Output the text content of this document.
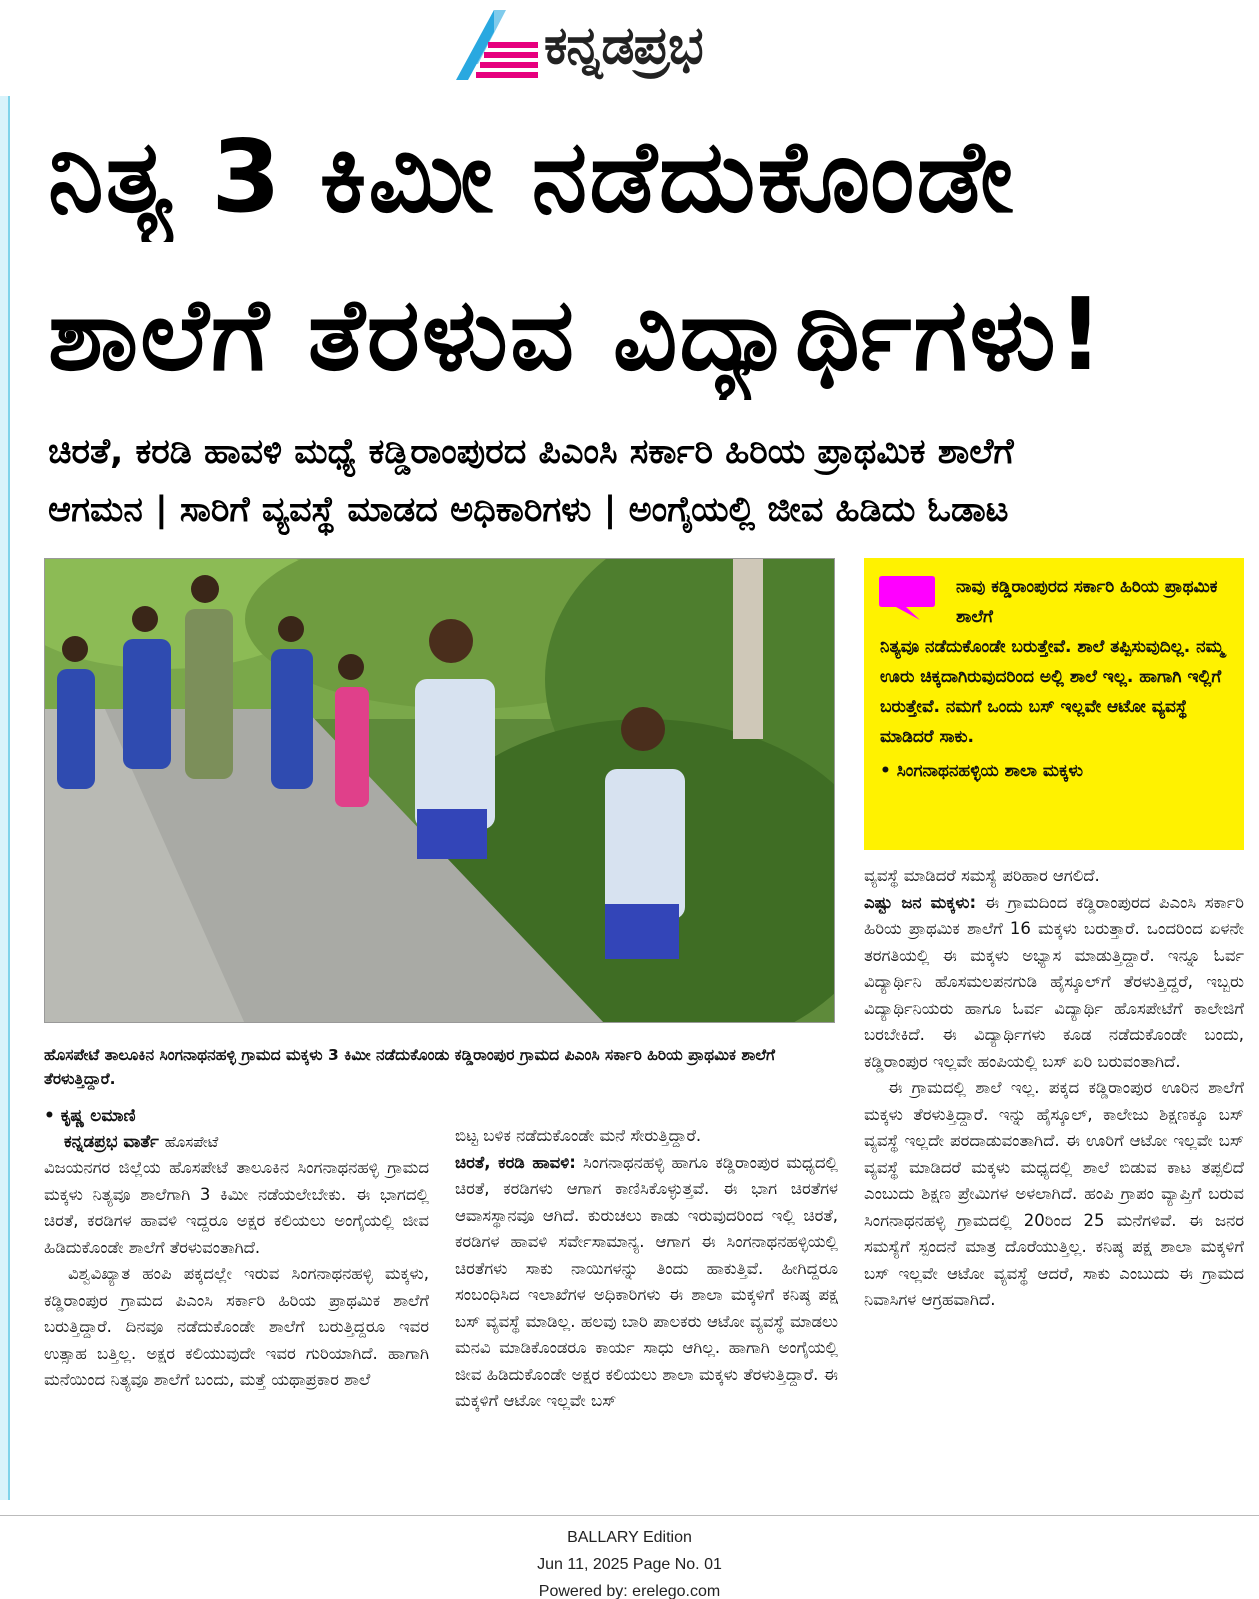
ಕನ್ನಡಪ್ರಭ
ನಿತ್ಯ 3 ಕಿಮೀ ನಡೆದುಕೊಂಡೇ
ಶಾಲೆಗೆ ತೆರಳುವ ವಿದ್ಯಾರ್ಥಿಗಳು!
ಚಿರತೆ, ಕರಡಿ ಹಾವಳಿ ಮಧ್ಯೆ ಕಡ್ಡಿರಾಂಪುರದ ಪಿಎಂಸಿ ಸರ್ಕಾರಿ ಹಿರಿಯ ಪ್ರಾಥಮಿಕ ಶಾಲೆಗೆ
ಆಗಮನ | ಸಾರಿಗೆ ವ್ಯವಸ್ಥೆ ಮಾಡದ ಅಧಿಕಾರಿಗಳು | ಅಂಗೈಯಲ್ಲಿ ಜೀವ ಹಿಡಿದು ಓಡಾಟ
ಹೊಸಪೇಟೆ ತಾಲೂಕಿನ ಸಿಂಗನಾಥನಹಳ್ಳಿ ಗ್ರಾಮದ ಮಕ್ಕಳು 3 ಕಿಮೀ ನಡೆದುಕೊಂಡು ಕಡ್ಡಿರಾಂಪುರ ಗ್ರಾಮದ ಪಿಎಂಸಿ ಸರ್ಕಾರಿ ಹಿರಿಯ ಪ್ರಾಥಮಿಕ ಶಾಲೆಗೆ ತೆರಳುತ್ತಿದ್ದಾರೆ.
ನಾವು ಕಡ್ಡಿರಾಂಪುರದ ಸರ್ಕಾರಿ ಹಿರಿಯ ಪ್ರಾಥಮಿಕ ಶಾಲೆಗೆ
ನಿತ್ಯವೂ ನಡೆದುಕೊಂಡೇ ಬರುತ್ತೇವೆ. ಶಾಲೆ ತಪ್ಪಿಸುವುದಿಲ್ಲ. ನಮ್ಮ ಊರು ಚಿಕ್ಕದಾಗಿರುವುದರಿಂದ ಅಲ್ಲಿ ಶಾಲೆ ಇಲ್ಲ. ಹಾಗಾಗಿ ಇಲ್ಲಿಗೆ ಬರುತ್ತೇವೆ. ನಮಗೆ ಒಂದು ಬಸ್ ಇಲ್ಲವೇ ಆಟೋ ವ್ಯವಸ್ಥೆ ಮಾಡಿದರೆ ಸಾಕು.
• ಸಿಂಗನಾಥನಹಳ್ಳಿಯ ಶಾಲಾ ಮಕ್ಕಳು
• ಕೃಷ್ಣ ಲಮಾಣಿ
ಕನ್ನಡಪ್ರಭ ವಾರ್ತೆ ಹೊಸಪೇಟೆ

ವಿಜಯನಗರ ಜಿಲ್ಲೆಯ ಹೊಸಪೇಟೆ ತಾಲೂಕಿನ ಸಿಂಗನಾಥನಹಳ್ಳಿ ಗ್ರಾಮದ ಮಕ್ಕಳು ನಿತ್ಯವೂ ಶಾಲೆಗಾಗಿ 3 ಕಿಮೀ ನಡೆಯಲೇಬೇಕು. ಈ ಭಾಗದಲ್ಲಿ ಚಿರತೆ, ಕರಡಿಗಳ ಹಾವಳಿ ಇದ್ದರೂ ಅಕ್ಷರ ಕಲಿಯಲು ಅಂಗೈಯಲ್ಲಿ ಜೀವ ಹಿಡಿದುಕೊಂಡೇ ಶಾಲೆಗೆ ತೆರಳುವಂತಾಗಿದೆ.

ವಿಶ್ವವಿಖ್ಯಾತ ಹಂಪಿ ಪಕ್ಕದಲ್ಲೇ ಇರುವ ಸಿಂಗನಾಥನಹಳ್ಳಿ ಮಕ್ಕಳು, ಕಡ್ಡಿರಾಂಪುರ ಗ್ರಾಮದ ಪಿಎಂಸಿ ಸರ್ಕಾರಿ ಹಿರಿಯ ಪ್ರಾಥಮಿಕ ಶಾಲೆಗೆ ಬರುತ್ತಿದ್ದಾರೆ. ದಿನವೂ ನಡೆದುಕೊಂಡೇ ಶಾಲೆಗೆ ಬರುತ್ತಿದ್ದರೂ ಇವರ ಉತ್ಸಾಹ ಬತ್ತಿಲ್ಲ. ಅಕ್ಷರ ಕಲಿಯುವುದೇ ಇವರ ಗುರಿಯಾಗಿದೆ. ಹಾಗಾಗಿ ಮನೆಯಿಂದ ನಿತ್ಯವೂ ಶಾಲೆಗೆ ಬಂದು, ಮತ್ತೆ ಯಥಾಪ್ರಕಾರ ಶಾಲೆ

ಬಿಟ್ಟ ಬಳಿಕ ನಡೆದುಕೊಂಡೇ ಮನೆ ಸೇರುತ್ತಿದ್ದಾರೆ.

ಚಿರತೆ, ಕರಡಿ ಹಾವಳಿ: ಸಿಂಗನಾಥನಹಳ್ಳಿ ಹಾಗೂ ಕಡ್ಡಿರಾಂಪುರ ಮಧ್ಯದಲ್ಲಿ ಚಿರತೆ, ಕರಡಿಗಳು ಆಗಾಗ ಕಾಣಿಸಿಕೊಳ್ಳುತ್ತವೆ. ಈ ಭಾಗ ಚಿರತೆಗಳ ಆವಾಸಸ್ಥಾನವೂ ಆಗಿದೆ. ಕುರುಚಲು ಕಾಡು ಇರುವುದರಿಂದ ಇಲ್ಲಿ ಚಿರತೆ, ಕರಡಿಗಳ ಹಾವಳಿ ಸರ್ವೇಸಾಮಾನ್ಯ. ಆಗಾಗ ಈ ಸಿಂಗನಾಥನಹಳ್ಳಿಯಲ್ಲಿ ಚಿರತೆಗಳು ಸಾಕು ನಾಯಿಗಳನ್ನು ತಿಂದು ಹಾಕುತ್ತಿವೆ. ಹೀಗಿದ್ದರೂ ಸಂಬಂಧಿಸಿದ ಇಲಾಖೆಗಳ ಅಧಿಕಾರಿಗಳು ಈ ಶಾಲಾ ಮಕ್ಕಳಿಗೆ ಕನಿಷ್ಠ ಪಕ್ಷ ಬಸ್ ವ್ಯವಸ್ಥೆ ಮಾಡಿಲ್ಲ. ಹಲವು ಬಾರಿ ಪಾಲಕರು ಆಟೋ ವ್ಯವಸ್ಥೆ ಮಾಡಲು ಮನವಿ ಮಾಡಿಕೊಂಡರೂ ಕಾರ್ಯ ಸಾಧು ಆಗಿಲ್ಲ. ಹಾಗಾಗಿ ಅಂಗೈಯಲ್ಲಿ ಜೀವ ಹಿಡಿದುಕೊಂಡೇ ಅಕ್ಷರ ಕಲಿಯಲು ಶಾಲಾ ಮಕ್ಕಳು ತೆರಳುತ್ತಿದ್ದಾರೆ. ಈ ಮಕ್ಕಳಿಗೆ ಆಟೋ ಇಲ್ಲವೇ ಬಸ್

ವ್ಯವಸ್ಥೆ ಮಾಡಿದರೆ ಸಮಸ್ಯೆ ಪರಿಹಾರ ಆಗಲಿದೆ.

ಎಷ್ಟು ಜನ ಮಕ್ಕಳು: ಈ ಗ್ರಾಮದಿಂದ ಕಡ್ಡಿರಾಂಪುರದ ಪಿಎಂಸಿ ಸರ್ಕಾರಿ ಹಿರಿಯ ಪ್ರಾಥಮಿಕ ಶಾಲೆಗೆ 16 ಮಕ್ಕಳು ಬರುತ್ತಾರೆ. ಒಂದರಿಂದ ಏಳನೇ ತರಗತಿಯಲ್ಲಿ ಈ ಮಕ್ಕಳು ಅಭ್ಯಾಸ ಮಾಡುತ್ತಿದ್ದಾರೆ. ಇನ್ನೂ ಓರ್ವ ವಿದ್ಯಾರ್ಥಿನಿ ಹೊಸಮಲಪನಗುಡಿ ಹೈಸ್ಕೂಲ್‌ಗೆ ತೆರಳುತ್ತಿದ್ದರೆ, ಇಬ್ಬರು ವಿದ್ಯಾರ್ಥಿನಿಯರು ಹಾಗೂ ಓರ್ವ ವಿದ್ಯಾರ್ಥಿ ಹೊಸಪೇಟೆಗೆ ಕಾಲೇಜಿಗೆ ಬರಬೇಕಿದೆ. ಈ ವಿದ್ಯಾರ್ಥಿಗಳು ಕೂಡ ನಡೆದುಕೊಂಡೇ ಬಂದು, ಕಡ್ಡಿರಾಂಪುರ ಇಲ್ಲವೇ ಹಂಪಿಯಲ್ಲಿ ಬಸ್ ಏರಿ ಬರುವಂತಾಗಿದೆ.

ಈ ಗ್ರಾಮದಲ್ಲಿ ಶಾಲೆ ಇಲ್ಲ. ಪಕ್ಕದ ಕಡ್ಡಿರಾಂಪುರ ಊರಿನ ಶಾಲೆಗೆ ಮಕ್ಕಳು ತೆರಳುತ್ತಿದ್ದಾರೆ. ಇನ್ನು ಹೈಸ್ಕೂಲ್, ಕಾಲೇಜು ಶಿಕ್ಷಣಕ್ಕೂ ಬಸ್ ವ್ಯವಸ್ಥೆ ಇಲ್ಲದೇ ಪರದಾಡುವಂತಾಗಿದೆ. ಈ ಊರಿಗೆ ಆಟೋ ಇಲ್ಲವೇ ಬಸ್ ವ್ಯವಸ್ಥೆ ಮಾಡಿದರೆ ಮಕ್ಕಳು ಮಧ್ಯದಲ್ಲಿ ಶಾಲೆ ಬಿಡುವ ಕಾಟ ತಪ್ಪಲಿದೆ ಎಂಬುದು ಶಿಕ್ಷಣ ಪ್ರೇಮಿಗಳ ಅಳಲಾಗಿದೆ. ಹಂಪಿ ಗ್ರಾಪಂ ವ್ಯಾಪ್ತಿಗೆ ಬರುವ ಸಿಂಗನಾಥನಹಳ್ಳಿ ಗ್ರಾಮದಲ್ಲಿ 20ರಿಂದ 25 ಮನೆಗಳಿವೆ. ಈ ಜನರ ಸಮಸ್ಯೆಗೆ ಸ್ಪಂದನೆ ಮಾತ್ರ ದೊರೆಯುತ್ತಿಲ್ಲ. ಕನಿಷ್ಠ ಪಕ್ಷ ಶಾಲಾ ಮಕ್ಕಳಿಗೆ ಬಸ್ ಇಲ್ಲವೇ ಆಟೋ ವ್ಯವಸ್ಥೆ ಆದರೆ, ಸಾಕು ಎಂಬುದು ಈ ಗ್ರಾಮದ ನಿವಾಸಿಗಳ ಆಗ್ರಹವಾಗಿದೆ.

BALLARY Edition
Jun 11, 2025 Page No. 01
Powered by: erelego.com
